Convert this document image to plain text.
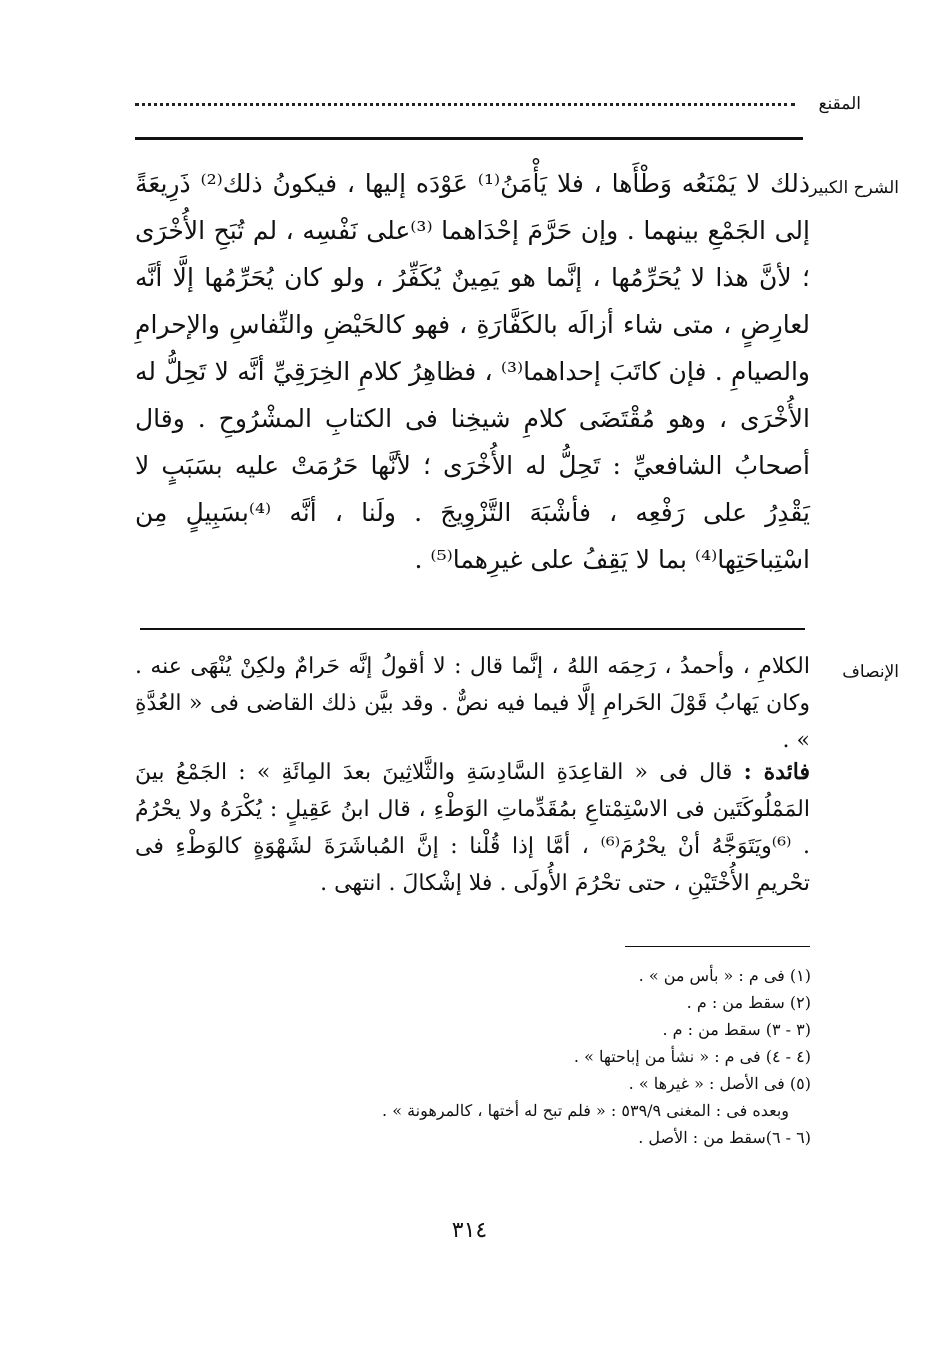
المقنع
الشرح الكبير

ذلك لا يَمْنَعُه وَطْأَها ، فلا يَأْمَنُ⁽¹⁾ عَوْدَه إليها ، فيكونُ ذلك⁽²⁾ ذَرِيعَةً إلى الجَمْعِ بينهما . وإن حَرَّمَ إحْدَاهما ⁽³⁾على نَفْسِه ، لم تُبَحِ الأُخْرَى ؛ لأنَّ هذا لا يُحَرِّمُها ، إنَّما هو يَمِينٌ يُكَفِّرُ ، ولو كان يُحَرِّمُها إلَّا أنَّه لعارِضٍ ، متى شاء أزالَه بالكَفَّارَةِ ، فهو كالحَيْضِ والنِّفاسِ والإحرامِ والصيامِ . فإن كاتَبَ إحداهما⁽³⁾ ، فظاهِرُ كلامِ الخِرَقِيِّ أنَّه لا تَحِلُّ له الأُخْرَى ، وهو مُقْتَضَى كلامِ شيخِنا فى الكتابِ المشْرُوحِ . وقال أصحابُ الشافعيِّ : تَحِلُّ له الأُخْرَى ؛ لأنَّها حَرُمَتْ عليه بسَبَبٍ لا يَقْدِرُ على رَفْعِه ، فأشْبَهَ التَّزْوِيجَ . ولَنا ، أنَّه ⁽⁴⁾بسَبِيلٍ مِن اسْتِباحَتِها⁽⁴⁾ بما لا يَقِفُ على غيرِهما⁽⁵⁾ .

الإنصاف

الكلامِ ، وأحمدُ ، رَحِمَه اللهُ ، إنَّما قال : لا أقولُ إنَّه حَرامٌ ولكِنْ يُنْهَى عنه . وكان يَهابُ قَوْلَ الحَرامِ إلَّا فيما فيه نصٌّ . وقد بيَّن ذلك القاضى فى « العُدَّةِ » .

فائدة : قال فى « القاعِدَةِ السَّادِسَةِ والثَّلاثِينَ بعدَ المِائَةِ » : الجَمْعُ بينَ المَمْلُوكَتَين فى الاسْتِمْتاعِ بمُقَدِّماتِ الوَطْءِ ، قال ابنُ عَقِيلٍ : يُكْرَهُ ولا يحْرُمُ . ⁽⁶⁾ويَتَوَجَّهُ أنْ يحْرُمَ⁽⁶⁾ ، أمَّا إذا قُلْنا : إنَّ المُباشَرَةَ لشَهْوَةٍ كالوَطْءِ فى تحْريمِ الأُخْتَيْنِ ، حتى تحْرُمَ الأُولَى . فلا إشْكالَ . انتهى .

(١) فى م : « بأس من » .
(٢) سقط من : م .
(٣ - ٣) سقط من : م .
(٤ - ٤) فى م : « نشأ من إباحتها » .
(٥) فى الأصل : « غيرها » .
وبعده فى : المغنى ٥٣٩/٩ : « فلم تبح له أختها ، كالمرهونة » .
(٦ - ٦)سقط من : الأصل .
٣١٤
